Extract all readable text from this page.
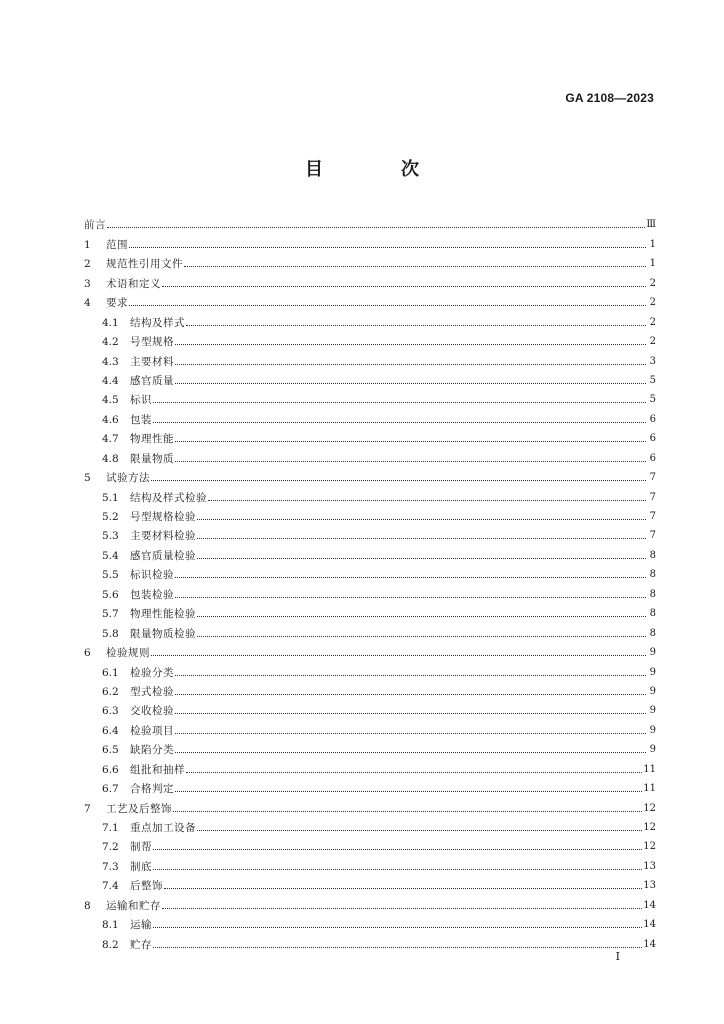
GA 2108—2023
目　次
前言	Ⅲ
1	范围	1
2	规范性引用文件	1
3	术语和定义	2
4	要求	2
4.1	结构及样式	2
4.2	号型规格	2
4.3	主要材料	3
4.4	感官质量	5
4.5	标识	5
4.6	包装	6
4.7	物理性能	6
4.8	限量物质	6
5	试验方法	7
5.1	结构及样式检验	7
5.2	号型规格检验	7
5.3	主要材料检验	7
5.4	感官质量检验	8
5.5	标识检验	8
5.6	包装检验	8
5.7	物理性能检验	8
5.8	限量物质检验	8
6	检验规则	9
6.1	检验分类	9
6.2	型式检验	9
6.3	交收检验	9
6.4	检验项目	9
6.5	缺陷分类	9
6.6	组批和抽样	11
6.7	合格判定	11
7	工艺及后整饰	12
7.1	重点加工设备	12
7.2	制帮	12
7.3	制底	13
7.4	后整饰	13
8	运输和贮存	14
8.1	运输	14
8.2	贮存	14
I
